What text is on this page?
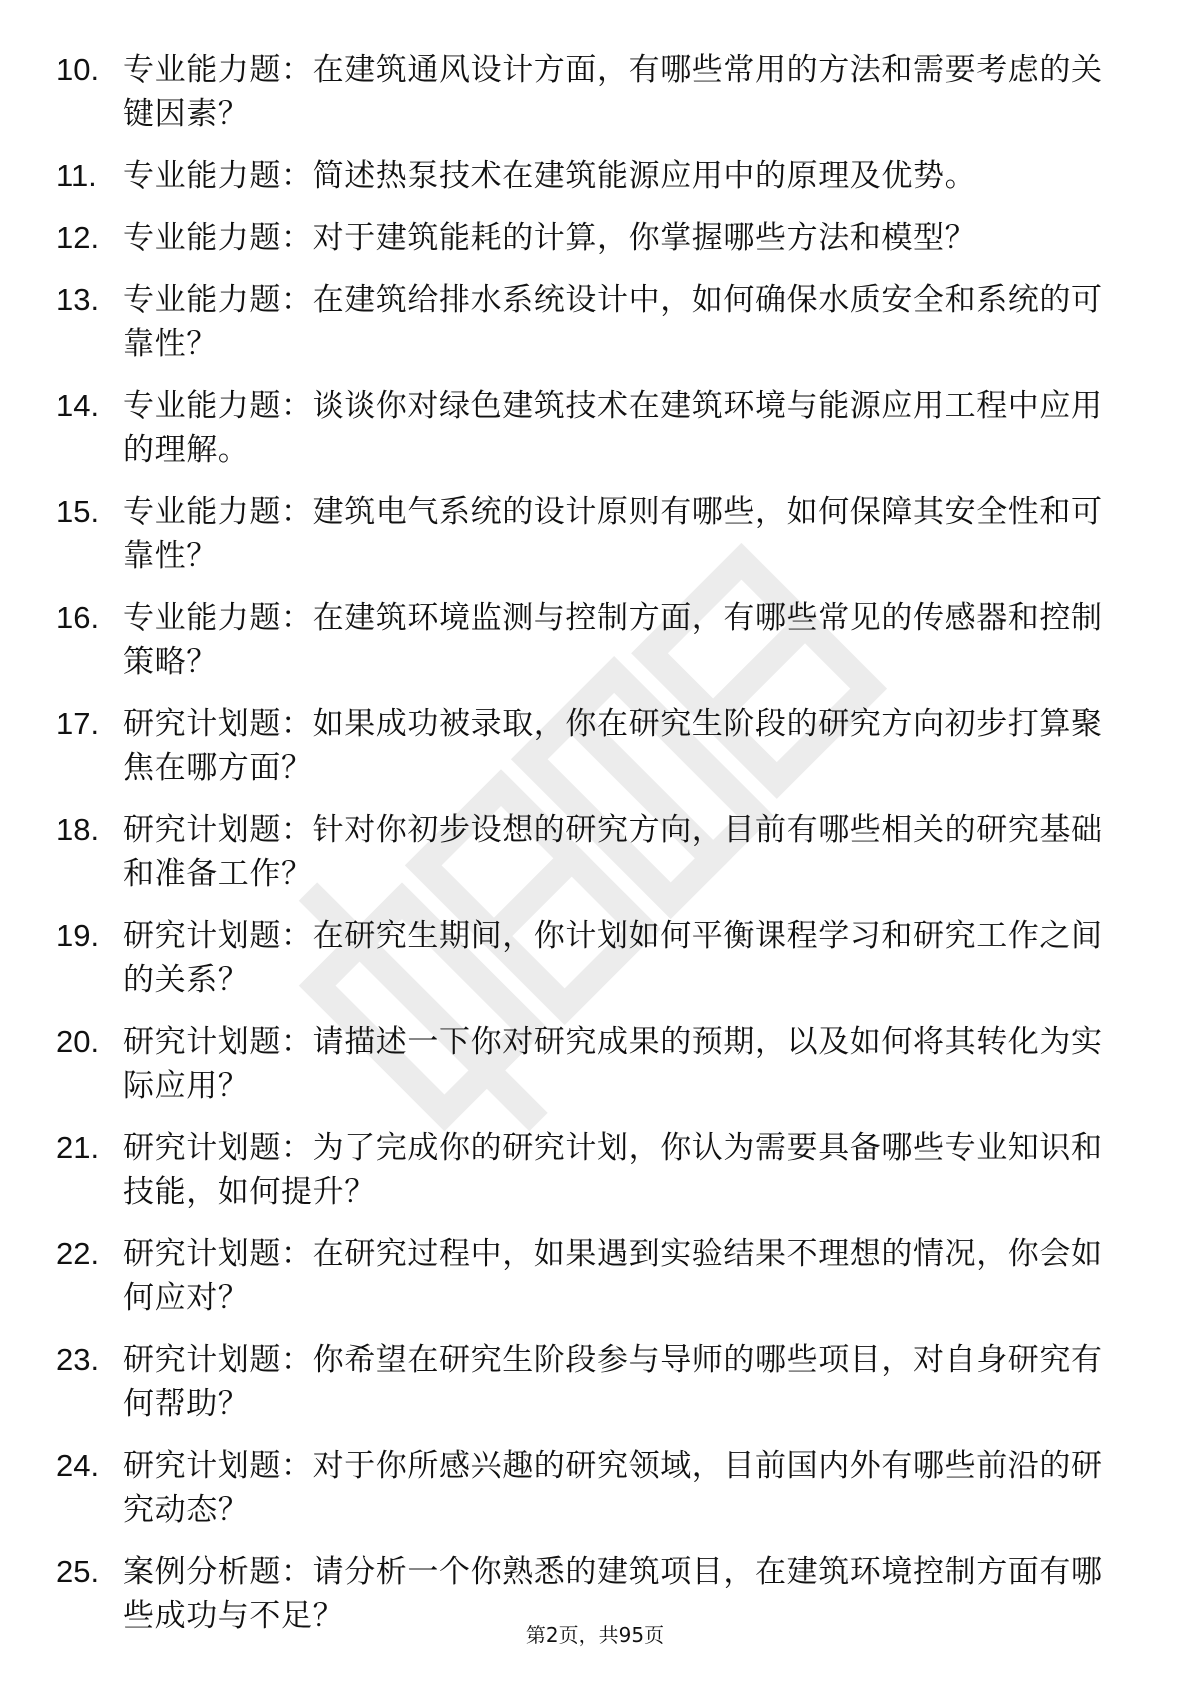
10. 专业能力题：在建筑通风设计方面，有哪些常用的方法和需要考虑的关键因素？
11. 专业能力题：简述热泵技术在建筑能源应用中的原理及优势。
12. 专业能力题：对于建筑能耗的计算，你掌握哪些方法和模型？
13. 专业能力题：在建筑给排水系统设计中，如何确保水质安全和系统的可靠性？
14. 专业能力题：谈谈你对绿色建筑技术在建筑环境与能源应用工程中应用的理解。
15. 专业能力题：建筑电气系统的设计原则有哪些，如何保障其安全性和可靠性？
16. 专业能力题：在建筑环境监测与控制方面，有哪些常见的传感器和控制策略？
17. 研究计划题：如果成功被录取，你在研究生阶段的研究方向初步打算聚焦在哪方面？
18. 研究计划题：针对你初步设想的研究方向，目前有哪些相关的研究基础和准备工作？
19. 研究计划题：在研究生期间，你计划如何平衡课程学习和研究工作之间的关系？
20. 研究计划题：请描述一下你对研究成果的预期，以及如何将其转化为实际应用？
21. 研究计划题：为了完成你的研究计划，你认为需要具备哪些专业知识和技能，如何提升？
22. 研究计划题：在研究过程中，如果遇到实验结果不理想的情况，你会如何应对？
23. 研究计划题：你希望在研究生阶段参与导师的哪些项目，对自身研究有何帮助？
24. 研究计划题：对于你所感兴趣的研究领域，目前国内外有哪些前沿的研究动态？
25. 案例分析题：请分析一个你熟悉的建筑项目，在建筑环境控制方面有哪些成功与不足？
第2页，共95页
